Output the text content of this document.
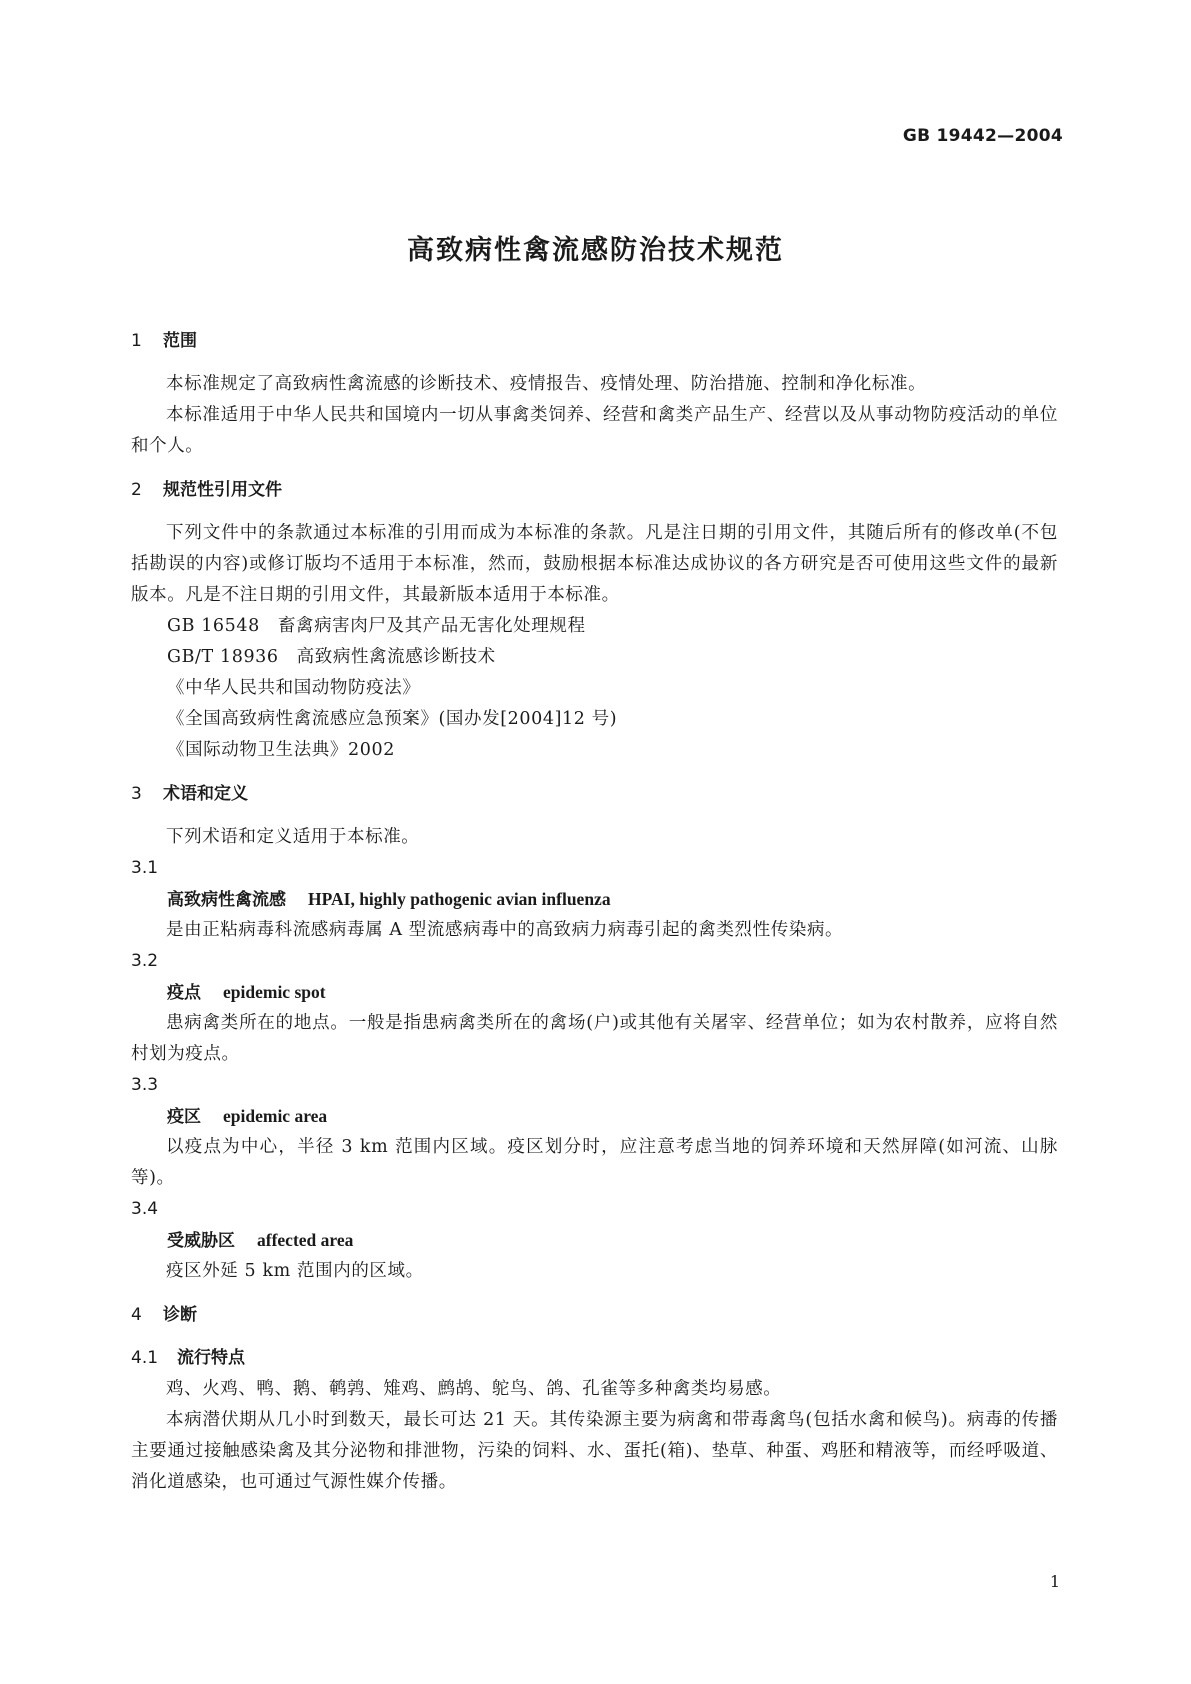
GB 19442—2004
高致病性禽流感防治技术规范
1 范围
本标准规定了高致病性禽流感的诊断技术、疫情报告、疫情处理、防治措施、控制和净化标准。
本标准适用于中华人民共和国境内一切从事禽类饲养、经营和禽类产品生产、经营以及从事动物防疫活动的单位和个人。
2 规范性引用文件
下列文件中的条款通过本标准的引用而成为本标准的条款。凡是注日期的引用文件，其随后所有的修改单(不包括勘误的内容)或修订版均不适用于本标准，然而，鼓励根据本标准达成协议的各方研究是否可使用这些文件的最新版本。凡是不注日期的引用文件，其最新版本适用于本标准。
GB 16548 畜禽病害肉尸及其产品无害化处理规程
GB/T 18936 高致病性禽流感诊断技术
《中华人民共和国动物防疫法》
《全国高致病性禽流感应急预案》(国办发[2004]12 号)
《国际动物卫生法典》2002
3 术语和定义
下列术语和定义适用于本标准。
3.1
高致病性禽流感 HPAI, highly pathogenic avian influenza
是由正粘病毒科流感病毒属 A 型流感病毒中的高致病力病毒引起的禽类烈性传染病。
3.2
疫点 epidemic spot
患病禽类所在的地点。一般是指患病禽类所在的禽场(户)或其他有关屠宰、经营单位；如为农村散养，应将自然村划为疫点。
3.3
疫区 epidemic area
以疫点为中心，半径 3 km 范围内区域。疫区划分时，应注意考虑当地的饲养环境和天然屏障(如河流、山脉等)。
3.4
受威胁区 affected area
疫区外延 5 km 范围内的区域。
4 诊断
4.1 流行特点
鸡、火鸡、鸭、鹅、鹌鹑、雉鸡、鹧鸪、鸵鸟、鸽、孔雀等多种禽类均易感。
本病潜伏期从几小时到数天，最长可达 21 天。其传染源主要为病禽和带毒禽鸟(包括水禽和候鸟)。病毒的传播主要通过接触感染禽及其分泌物和排泄物，污染的饲料、水、蛋托(箱)、垫草、种蛋、鸡胚和精液等，而经呼吸道、消化道感染，也可通过气源性媒介传播。
1
